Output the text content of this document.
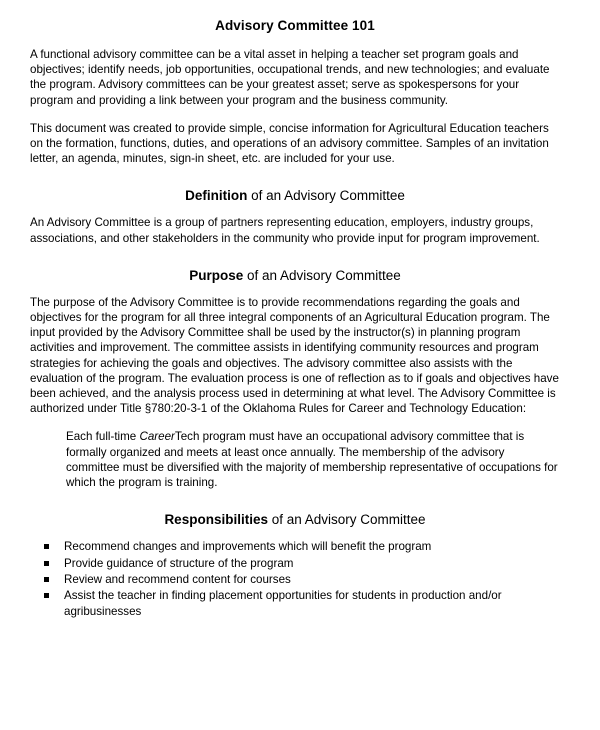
Advisory Committee 101

A functional advisory committee can be a vital asset in helping a teacher set program goals and objectives; identify needs, job opportunities, occupational trends, and new technologies; and evaluate the program. Advisory committees can be your greatest asset; serve as spokespersons for your program and providing a link between your program and the business community.

This document was created to provide simple, concise information for Agricultural Education teachers on the formation, functions, duties, and operations of an advisory committee. Samples of an invitation letter, an agenda, minutes, sign-in sheet, etc. are included for your use.

Definition of an Advisory Committee

An Advisory Committee is a group of partners representing education, employers, industry groups, associations, and other stakeholders in the community who provide input for program improvement.

Purpose of an Advisory Committee

The purpose of the Advisory Committee is to provide recommendations regarding the goals and objectives for the program for all three integral components of an Agricultural Education program. The input provided by the Advisory Committee shall be used by the instructor(s) in planning program activities and improvement. The committee assists in identifying community resources and program strategies for achieving the goals and objectives. The advisory committee also assists with the evaluation of the program. The evaluation process is one of reflection as to if goals and objectives have been achieved, and the analysis process used in determining at what level. The Advisory Committee is authorized under Title §780:20-3-1 of the Oklahoma Rules for Career and Technology Education:

Each full-time CareerTech program must have an occupational advisory committee that is formally organized and meets at least once annually. The membership of the advisory committee must be diversified with the majority of membership representative of occupations for which the program is training.
Responsibilities of an Advisory Committee
Recommend changes and improvements which will benefit the program
Provide guidance of structure of the program
Review and recommend content for courses
Assist the teacher in finding placement opportunities for students in production and/or agribusinesses
